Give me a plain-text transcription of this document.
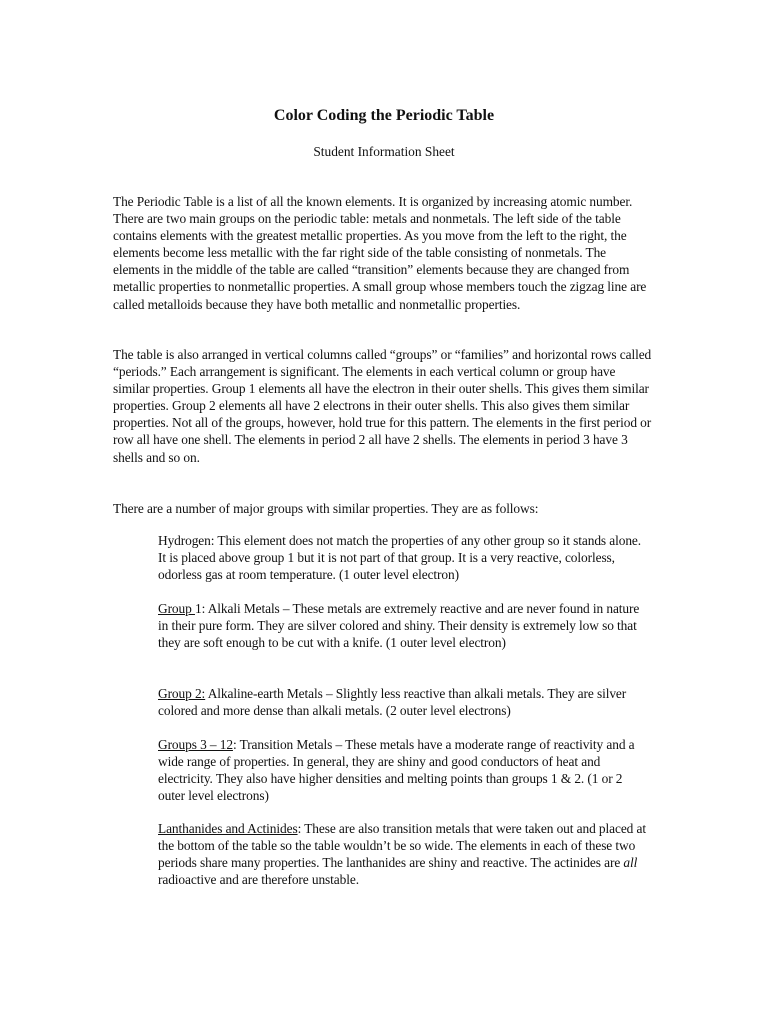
Color Coding the Periodic Table

Student Information Sheet

The Periodic Table is a list of all the known elements. It is organized by increasing atomic number. There are two main groups on the periodic table: metals and nonmetals. The left side of the table contains elements with the greatest metallic properties. As you move from the left to the right, the elements become less metallic with the far right side of the table consisting of nonmetals. The elements in the middle of the table are called “transition” elements because they are changed from metallic properties to nonmetallic properties. A small group whose members touch the zigzag line are called metalloids because they have both metallic and nonmetallic properties.

The table is also arranged in vertical columns called “groups” or “families” and horizontal rows called “periods.” Each arrangement is significant. The elements in each vertical column or group have similar properties. Group 1 elements all have the electron in their outer shells. This gives them similar properties. Group 2 elements all have 2 electrons in their outer shells. This also gives them similar properties. Not all of the groups, however, hold true for this pattern. The elements in the first period or row all have one shell. The elements in period 2 all have 2 shells. The elements in period 3 have 3 shells and so on.

There are a number of major groups with similar properties. They are as follows:

Hydrogen: This element does not match the properties of any other group so it stands alone. It is placed above group 1 but it is not part of that group. It is a very reactive, colorless, odorless gas at room temperature. (1 outer level electron)

Group 1: Alkali Metals – These metals are extremely reactive and are never found in nature in their pure form. They are silver colored and shiny. Their density is extremely low so that they are soft enough to be cut with a knife. (1 outer level electron)

Group 2: Alkaline-earth Metals – Slightly less reactive than alkali metals. They are silver colored and more dense than alkali metals. (2 outer level electrons)

Groups 3 – 12: Transition Metals – These metals have a moderate range of reactivity and a wide range of properties. In general, they are shiny and good conductors of heat and electricity. They also have higher densities and melting points than groups 1 & 2. (1 or 2 outer level electrons)

Lanthanides and Actinides: These are also transition metals that were taken out and placed at the bottom of the table so the table wouldn’t be so wide. The elements in each of these two periods share many properties. The lanthanides are shiny and reactive. The actinides are all radioactive and are therefore unstable.
